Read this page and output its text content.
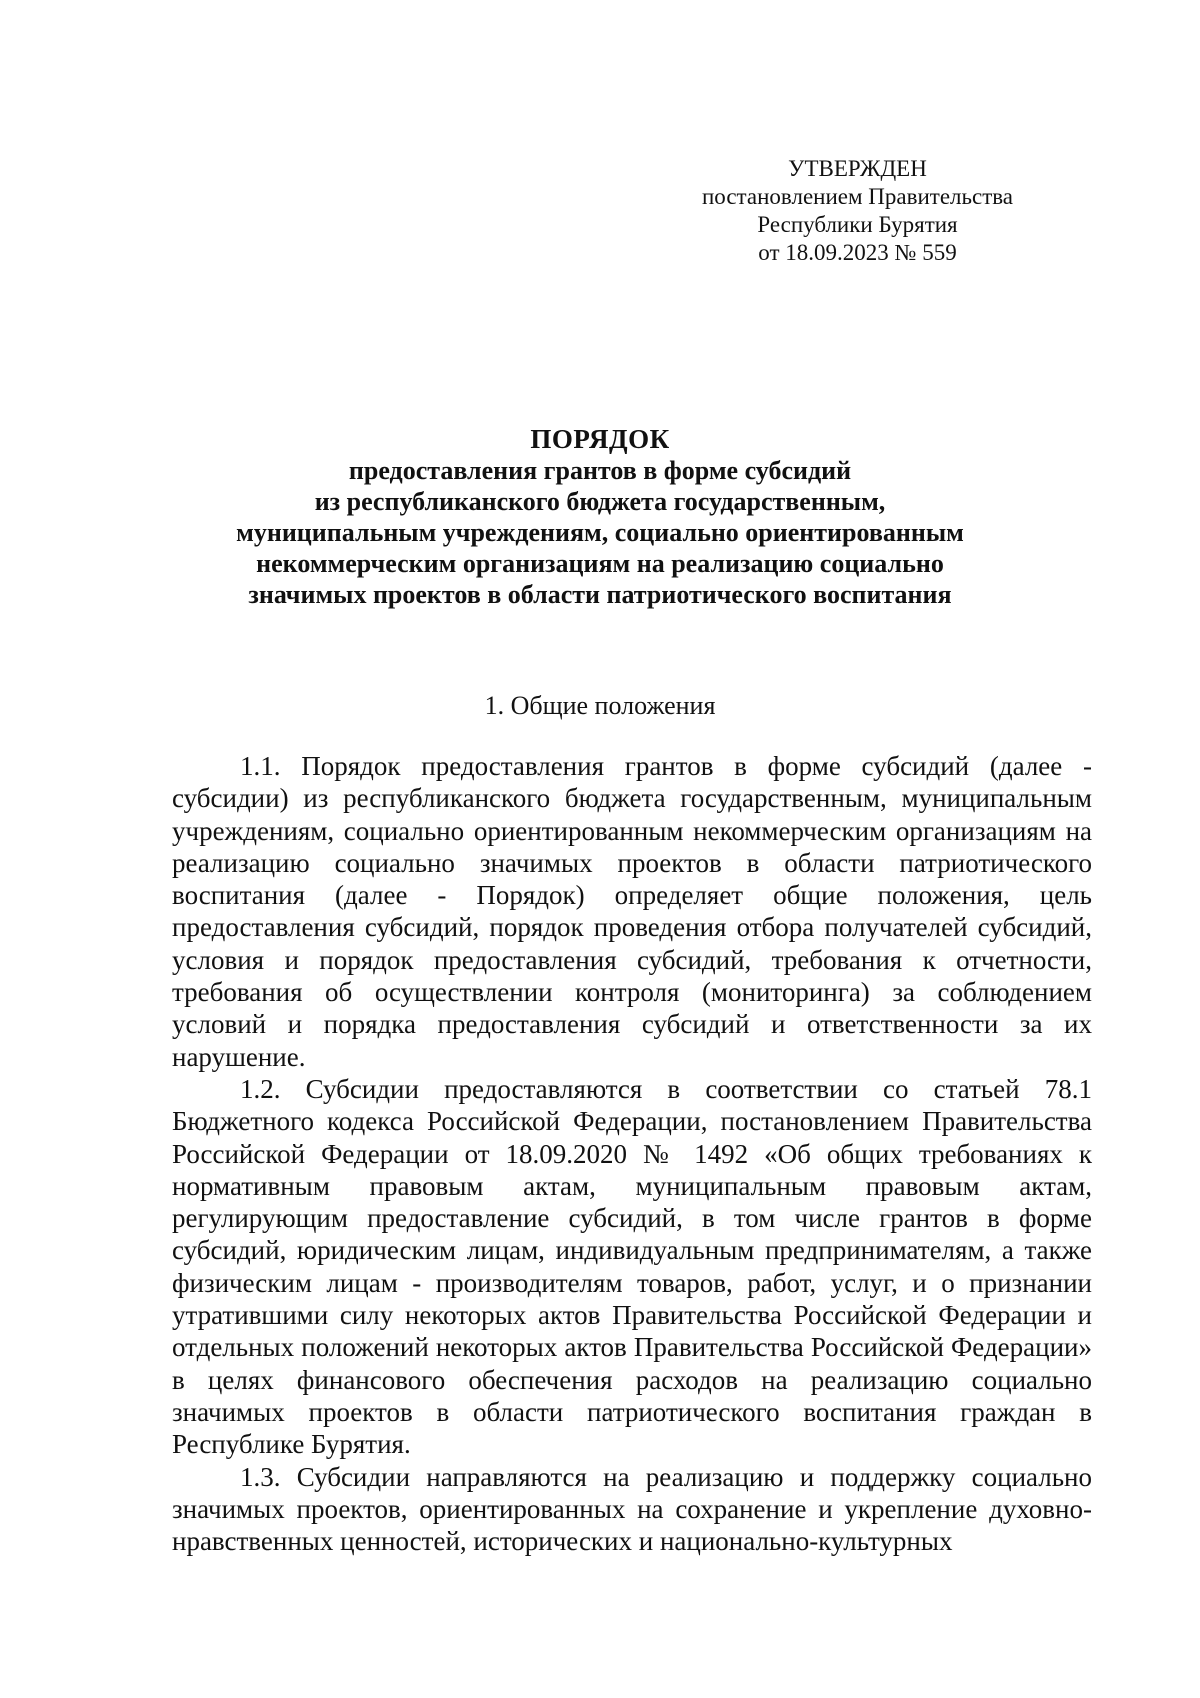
УТВЕРЖДЕН
постановлением Правительства
Республики Бурятия
от 18.09.2023 № 559
ПОРЯДОК
предоставления грантов в форме субсидий
из республиканского бюджета государственным,
муниципальным учреждениям, социально ориентированным
некоммерческим организациям на реализацию социально
значимых проектов в области патриотического воспитания
1. Общие положения

1.1. Порядок предоставления грантов в форме субсидий (далее - субсидии) из республиканского бюджета государственным, муниципальным учреждениям, социально ориентированным некоммерческим организациям на реализацию социально значимых проектов в области патриотического воспитания (далее - Порядок) определяет общие положения, цель предоставления субсидий, порядок проведения отбора получателей субсидий, условия и порядок предоставления субсидий, требования к отчетности, требования об осуществлении контроля (мониторинга) за соблюдением условий и порядка предоставления субсидий и ответственности за их нарушение.

1.2. Субсидии предоставляются в соответствии со статьей 78.1 Бюджетного кодекса Российской Федерации, постановлением Правительства Российской Федерации от 18.09.2020 № 1492 «Об общих требованиях к нормативным правовым актам, муниципальным правовым актам, регулирующим предоставление субсидий, в том числе грантов в форме субсидий, юридическим лицам, индивидуальным предпринимателям, а также физическим лицам - производителям товаров, работ, услуг, и о признании утратившими силу некоторых актов Правительства Российской Федерации и отдельных положений некоторых актов Правительства Российской Федерации» в целях финансового обеспечения расходов на реализацию социально значимых проектов в области патриотического воспитания граждан в Республике Бурятия.

1.3. Субсидии направляются на реализацию и поддержку социально значимых проектов, ориентированных на сохранение и укрепление духовно-нравственных ценностей, исторических и национально-культурных
